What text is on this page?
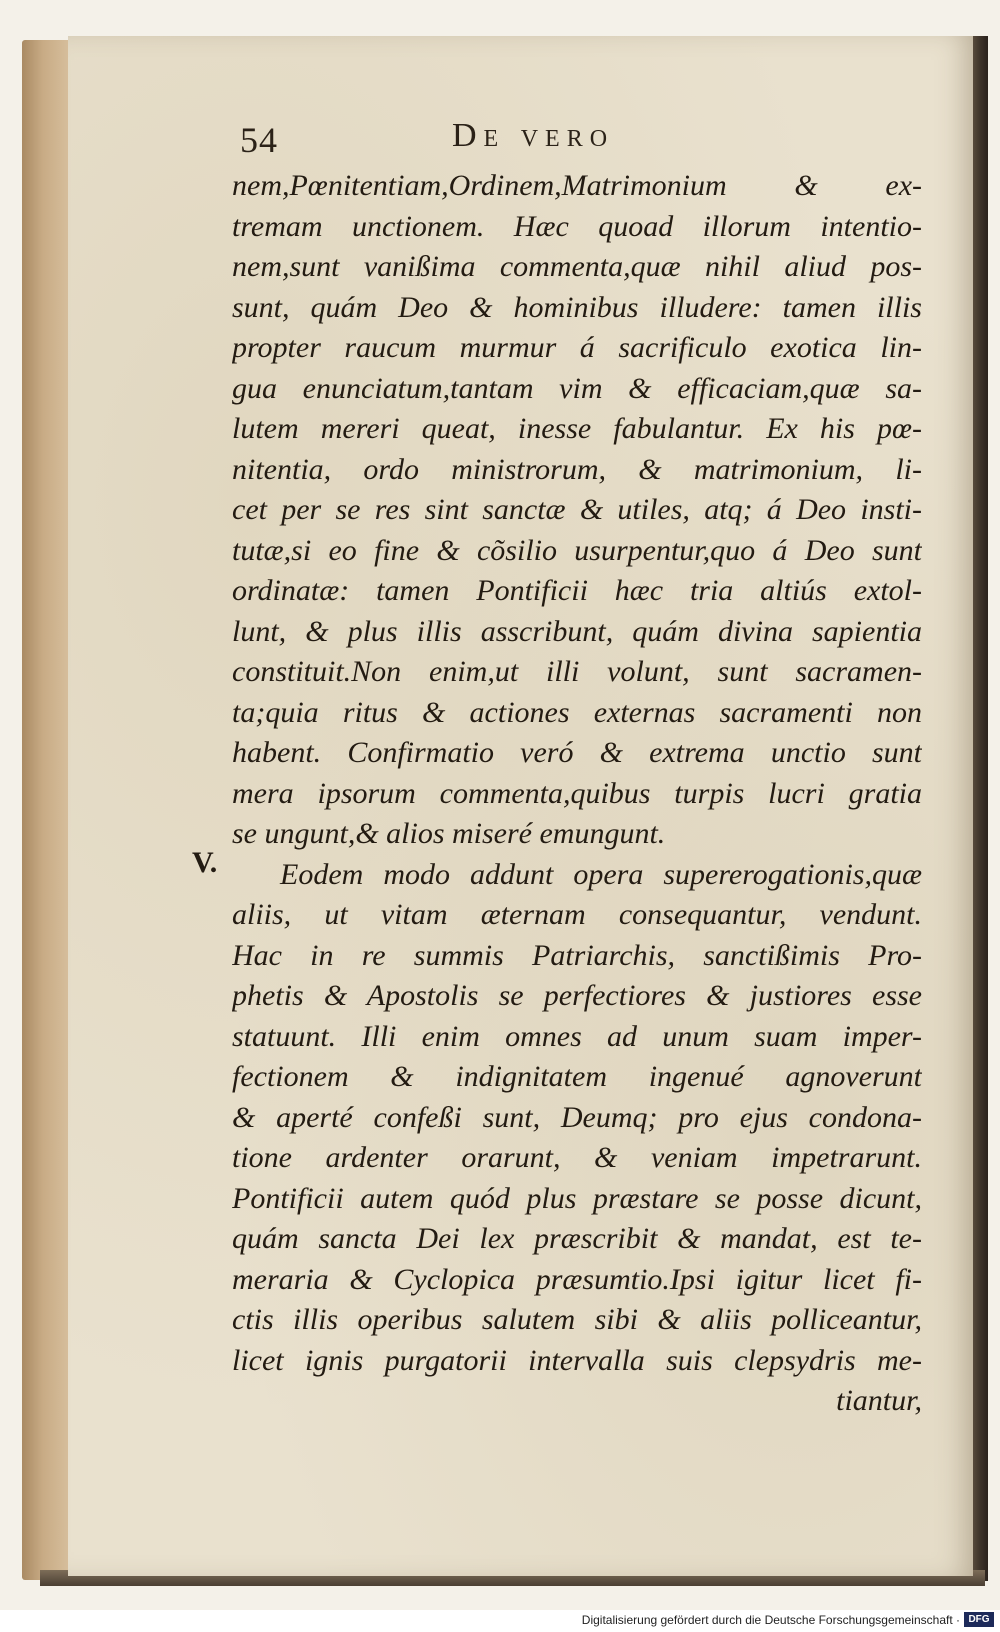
54	De vero
V.
nem,Pœnitentiam,Ordinem,Matrimonium & ex-
tremam unctionem. Hæc quoad illorum intentio-
nem,sunt vanißima commenta,quæ nihil aliud pos-
sunt, quám Deo & hominibus illudere: tamen illis
propter raucum murmur á sacrificulo exotica lin-
gua enunciatum,tantam vim & efficaciam,quæ sa-
lutem mereri queat, inesse fabulantur. Ex his pœ-
nitentia, ordo ministrorum, & matrimonium, li-
cet per se res sint sanctæ & utiles, atq; á Deo insti-
tutæ,si eo fine & cõsilio usurpentur,quo á Deo sunt
ordinatæ: tamen Pontificii hæc tria altiús extol-
lunt, & plus illis asscribunt, quám divina sapientia
constituit.Non enim,ut illi volunt, sunt sacramen-
ta;quia ritus & actiones externas sacramenti non
habent. Confirmatio veró & extrema unctio sunt
mera ipsorum commenta,quibus turpis lucri gratia
se ungunt,& alios miseré emungunt.
Eodem modo addunt opera supererogationis,quæ
aliis, ut vitam æternam consequantur, vendunt.
Hac in re summis Patriarchis, sanctißimis Pro-
phetis & Apostolis se perfectiores & justiores esse
statuunt. Illi enim omnes ad unum suam imper-
fectionem & indignitatem ingenué agnoverunt
& aperté confeßi sunt, Deumq; pro ejus condona-
tione ardenter orarunt, & veniam impetrarunt.
Pontificii autem quód plus præstare se posse dicunt,
quám sancta Dei lex præscribit & mandat, est te-
meraria & Cyclopica præsumtio.Ipsi igitur licet fi-
ctis illis operibus salutem sibi & aliis polliceantur,
licet ignis purgatorii intervalla suis clepsydris me-
tiantur,
Digitalisierung gefördert durch die Deutsche Forschungsgemeinschaft · DFG
